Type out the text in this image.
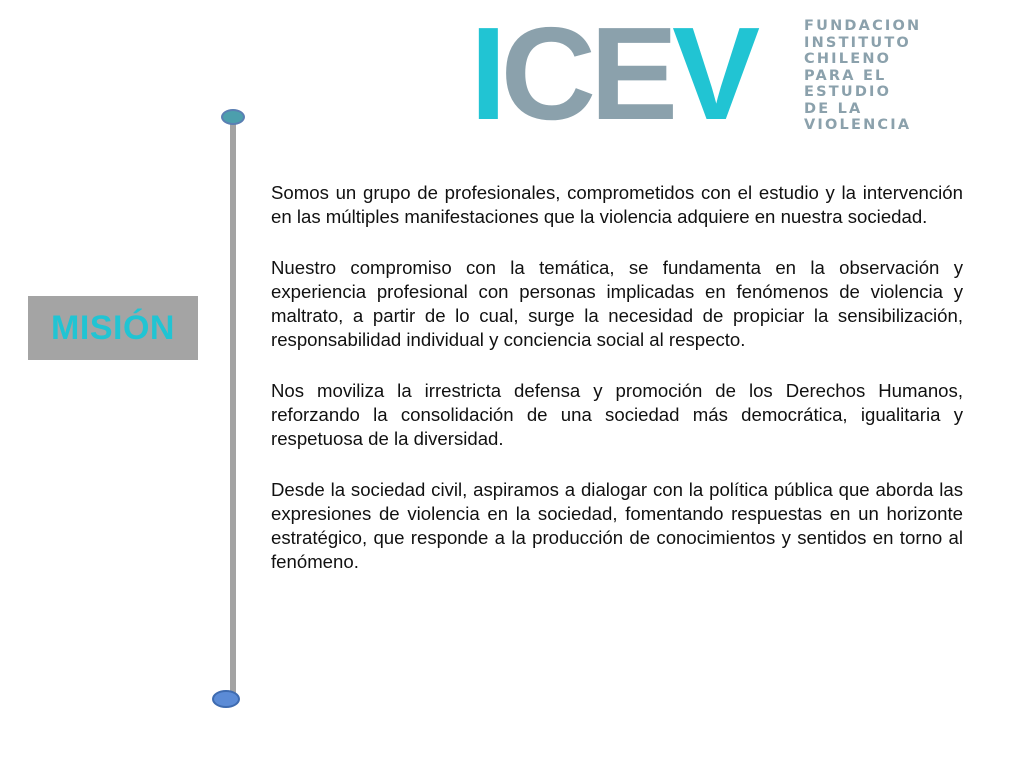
ICEV	FUNDACION
INSTITUTO
CHILENO
PARA EL
ESTUDIO
DE LA
VIOLENCIA
MISIÓN

Somos un grupo de profesionales, comprometidos con el estudio y la intervención en las múltiples manifestaciones que la violencia adquiere en nuestra sociedad.

Nuestro compromiso con la temática, se fundamenta en la observación y experiencia profesional con personas implicadas en fenómenos de violencia y maltrato, a partir de lo cual, surge la necesidad de propiciar la sensibilización, responsabilidad individual y conciencia social al respecto.

Nos moviliza la irrestricta defensa y promoción de los Derechos Humanos, reforzando la consolidación de una sociedad más democrática, igualitaria y respetuosa de la diversidad.

Desde la sociedad civil, aspiramos a dialogar con la política pública que aborda las expresiones de violencia en la sociedad, fomentando respuestas en un horizonte estratégico, que responde a la producción de conocimientos y sentidos en torno al fenómeno.
